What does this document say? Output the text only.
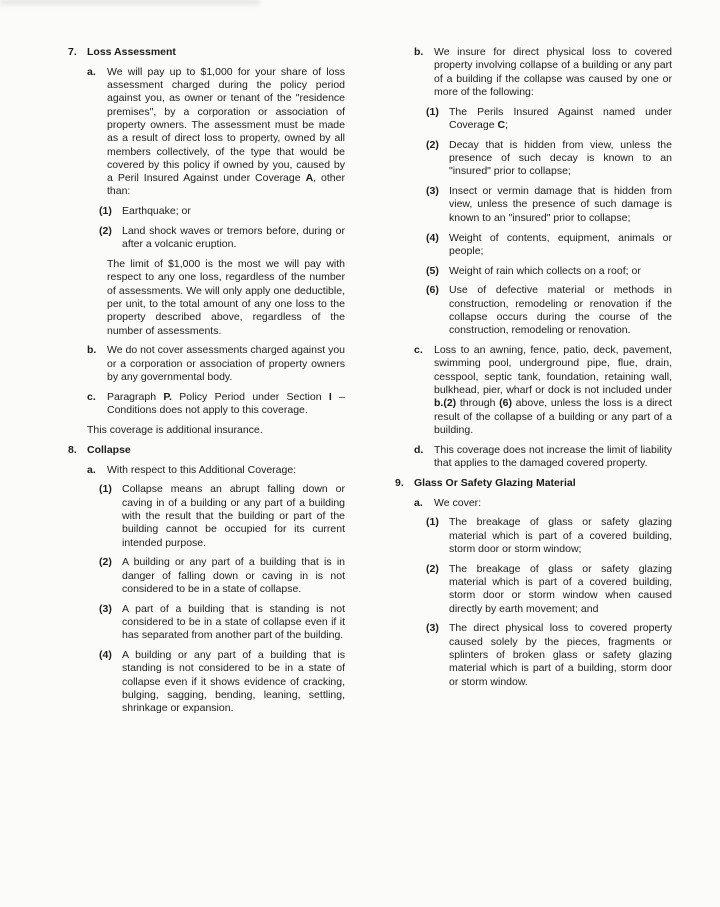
7. Loss Assessment
a.	We will pay up to $1,000 for your share of loss assessment charged during the policy period against you, as owner or tenant of the "residence premises", by a corporation or association of property owners. The assessment must be made as a result of direct loss to property, owned by all members collectively, of the type that would be covered by this policy if owned by you, caused by a Peril Insured Against under Coverage A, other than:
(1) Earthquake; or
(2) Land shock waves or tremors before, during or after a volcanic eruption.
The limit of $1,000 is the most we will pay with respect to any one loss, regardless of the number of assessments. We will only apply one deductible, per unit, to the total amount of any one loss to the property described above, regardless of the number of assessments.
b.	We do not cover assessments charged against you or a corporation or association of property owners by any governmental body.
c.	Paragraph P. Policy Period under Section I – Conditions does not apply to this coverage.
This coverage is additional insurance.
8. Collapse
a.	With respect to this Additional Coverage:
(1) Collapse means an abrupt falling down or caving in of a building or any part of a building with the result that the building or part of the building cannot be occupied for its current intended purpose.
(2) A building or any part of a building that is in danger of falling down or caving in is not considered to be in a state of collapse.
(3) A part of a building that is standing is not considered to be in a state of collapse even if it has separated from another part of the building.
(4) A building or any part of a building that is standing is not considered to be in a state of collapse even if it shows evidence of cracking, bulging, sagging, bending, leaning, settling, shrinkage or expansion.
b.	We insure for direct physical loss to covered property involving collapse of a building or any part of a building if the collapse was caused by one or more of the following:
(1) The Perils Insured Against named under Coverage C;
(2) Decay that is hidden from view, unless the presence of such decay is known to an "insured" prior to collapse;
(3) Insect or vermin damage that is hidden from view, unless the presence of such damage is known to an "insured" prior to collapse;
(4) Weight of contents, equipment, animals or people;
(5) Weight of rain which collects on a roof; or
(6) Use of defective material or methods in construction, remodeling or renovation if the collapse occurs during the course of the construction, remodeling or renovation.
c.	Loss to an awning, fence, patio, deck, pavement, swimming pool, underground pipe, flue, drain, cesspool, septic tank, foundation, retaining wall, bulkhead, pier, wharf or dock is not included under b.(2) through (6) above, unless the loss is a direct result of the collapse of a building or any part of a building.
d.	This coverage does not increase the limit of liability that applies to the damaged covered property.
9. Glass Or Safety Glazing Material
a.	We cover:
(1) The breakage of glass or safety glazing material which is part of a covered building, storm door or storm window;
(2) The breakage of glass or safety glazing material which is part of a covered building, storm door or storm window when caused directly by earth movement; and
(3) The direct physical loss to covered property caused solely by the pieces, fragments or splinters of broken glass or safety glazing material which is part of a building, storm door or storm window.
